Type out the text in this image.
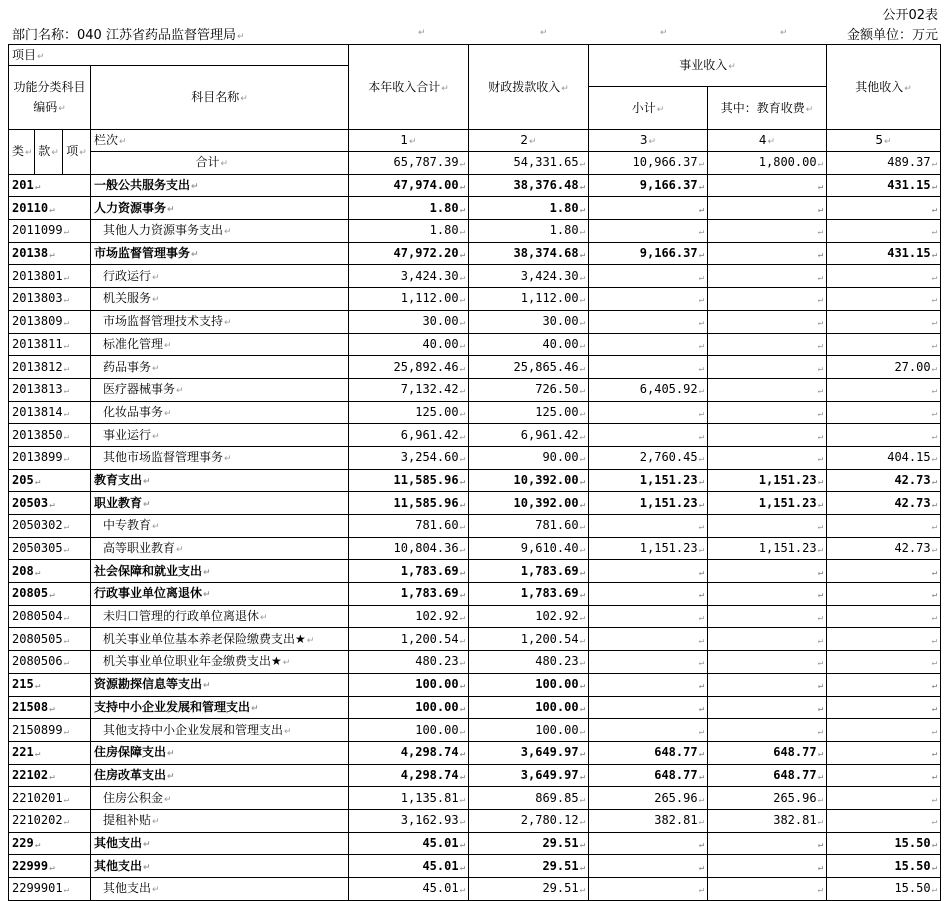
公开02表
部门名称：040 江苏省药品监督管理局↵	↵	↵	↵	↵	金额单位：万元
项目↵				本年收入合计↵	财政拨款收入↵	事业收入↵		其他收入↵
功能分类科目编码↵			科目名称↵					
						小计↵	其中：教育收费↵	
类↵	款↵	项↵	栏次↵	1↵	2↵	3↵	4↵	5↵
			合计↵	65,787.39↵	54,331.65↵	10,966.37↵	1,800.00↵	489.37↵
201↵			一般公共服务支出↵	47,974.00↵	38,376.48↵	9,166.37↵	↵	431.15↵
20110↵			人力资源事务↵	1.80↵	1.80↵	↵	↵	↵
2011099↵			其他人力资源事务支出↵	1.80↵	1.80↵	↵	↵	↵
20138↵			市场监督管理事务↵	47,972.20↵	38,374.68↵	9,166.37↵	↵	431.15↵
2013801↵			行政运行↵	3,424.30↵	3,424.30↵	↵	↵	↵
2013803↵			机关服务↵	1,112.00↵	1,112.00↵	↵	↵	↵
2013809↵			市场监督管理技术支持↵	30.00↵	30.00↵	↵	↵	↵
2013811↵			标准化管理↵	40.00↵	40.00↵	↵	↵	↵
2013812↵			药品事务↵	25,892.46↵	25,865.46↵	↵	↵	27.00↵
2013813↵			医疗器械事务↵	7,132.42↵	726.50↵	6,405.92↵	↵	↵
2013814↵			化妆品事务↵	125.00↵	125.00↵	↵	↵	↵
2013850↵			事业运行↵	6,961.42↵	6,961.42↵	↵	↵	↵
2013899↵			其他市场监督管理事务↵	3,254.60↵	90.00↵	2,760.45↵	↵	404.15↵
205↵			教育支出↵	11,585.96↵	10,392.00↵	1,151.23↵	1,151.23↵	42.73↵
20503↵			职业教育↵	11,585.96↵	10,392.00↵	1,151.23↵	1,151.23↵	42.73↵
2050302↵			中专教育↵	781.60↵	781.60↵	↵	↵	↵
2050305↵			高等职业教育↵	10,804.36↵	9,610.40↵	1,151.23↵	1,151.23↵	42.73↵
208↵			社会保障和就业支出↵	1,783.69↵	1,783.69↵	↵	↵	↵
20805↵			行政事业单位离退休↵	1,783.69↵	1,783.69↵	↵	↵	↵
2080504↵			未归口管理的行政单位离退休↵	102.92↵	102.92↵	↵	↵	↵
2080505↵			机关事业单位基本养老保险缴费支出★↵	1,200.54↵	1,200.54↵	↵	↵	↵
2080506↵			机关事业单位职业年金缴费支出★↵	480.23↵	480.23↵	↵	↵	↵
215↵			资源勘探信息等支出↵	100.00↵	100.00↵	↵	↵	↵
21508↵			支持中小企业发展和管理支出↵	100.00↵	100.00↵	↵	↵	↵
2150899↵			其他支持中小企业发展和管理支出↵	100.00↵	100.00↵	↵	↵	↵
221↵			住房保障支出↵	4,298.74↵	3,649.97↵	648.77↵	648.77↵	↵
22102↵			住房改革支出↵	4,298.74↵	3,649.97↵	648.77↵	648.77↵	↵
2210201↵			住房公积金↵	1,135.81↵	869.85↵	265.96↵	265.96↵	↵
2210202↵			提租补贴↵	3,162.93↵	2,780.12↵	382.81↵	382.81↵	↵
229↵			其他支出↵	45.01↵	29.51↵	↵	↵	15.50↵
22999↵			其他支出↵	45.01↵	29.51↵	↵	↵	15.50↵
2299901↵			其他支出↵	45.01↵	29.51↵	↵	↵	15.50↵
